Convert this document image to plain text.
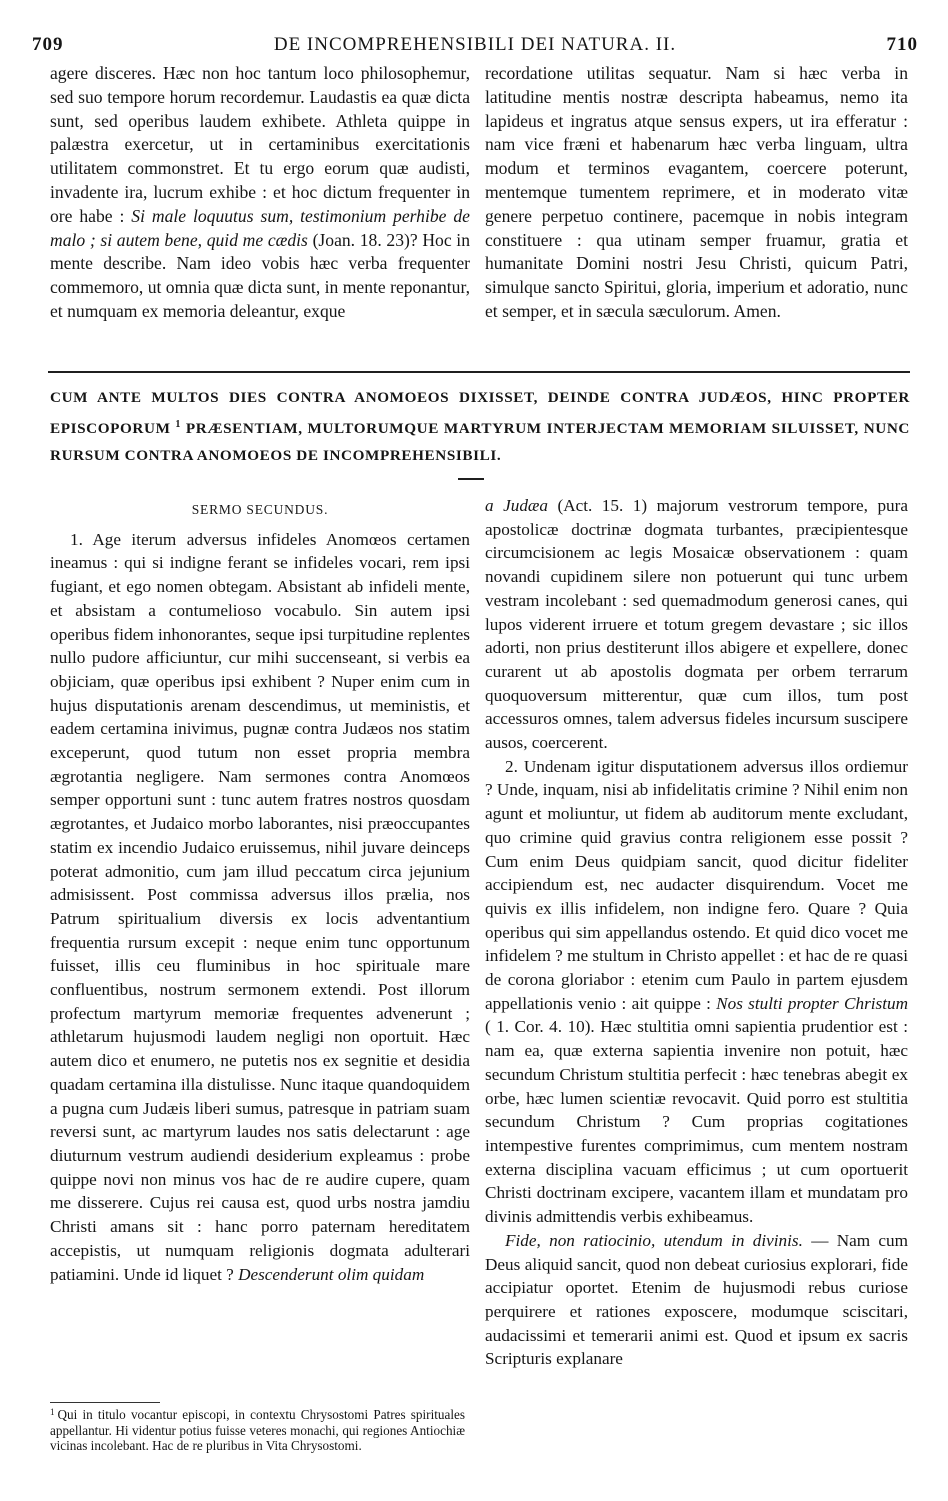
709	DE INCOMPREHENSIBILI DEI NATURA. II.	710

agere disceres. Hæc non hoc tantum loco philosophemur, sed suo tempore horum recordemur. Laudastis ea quæ dicta sunt, sed operibus laudem exhibete. Athleta quippe in palæstra exercetur, ut in certaminibus exercitationis utilitatem commonstret. Et tu ergo eorum quæ audisti, invadente ira, lucrum exhibe : et hoc dictum frequenter in ore habe : Si male loquutus sum, testimonium perhibe de malo ; si autem bene, quid me cædis (Joan. 18. 23)? Hoc in mente describe. Nam ideo vobis hæc verba frequenter commemoro, ut omnia quæ dicta sunt, in mente reponantur, et numquam ex memoria deleantur, exque

recordatione utilitas sequatur. Nam si hæc verba in latitudine mentis nostræ descripta habeamus, nemo ita lapideus et ingratus atque sensus expers, ut ira efferatur : nam vice fræni et habenarum hæc verba linguam, ultra modum et terminos evagantem, coercere poterunt, mentemque tumentem reprimere, et in moderato vitæ genere perpetuo continere, pacemque in nobis integram constituere : qua utinam semper fruamur, gratia et humanitate Domini nostri Jesu Christi, quicum Patri, simulque sancto Spiritui, gloria, imperium et adoratio, nunc et semper, et in sæcula sæculorum. Amen.

CUM ANTE MULTOS DIES CONTRA ANOMOEOS DIXISSET, DEINDE CONTRA JUDÆOS, HINC PROPTER EPISCOPORUM $^1$ PRÆSENTIAM, MULTORUMQUE MARTYRUM INTERJECTAM MEMORIAM SILUISSET, NUNC RURSUM CONTRA ANOMOEOS DE INCOMPREHENSIBILI.

SERMO SECUNDUS.

1. Age iterum adversus infideles Anomœos certamen ineamus : qui si indigne ferant se infideles vocari, rem ipsi fugiant, et ego nomen obtegam. Absistant ab infideli mente, et absistam a contumelioso vocabulo. Sin autem ipsi operibus fidem inhonorantes, seque ipsi turpitudine replentes nullo pudore afficiuntur, cur mihi succenseant, si verbis ea objiciam, quæ operibus ipsi exhibent ? Nuper enim cum in hujus disputationis arenam descendimus, ut meministis, et eadem certamina inivimus, pugnæ contra Judæos nos statim exceperunt, quod tutum non esset propria membra ægrotantia negligere. Nam sermones contra Anomœos semper opportuni sunt : tunc autem fratres nostros quosdam ægrotantes, et Judaico morbo laborantes, nisi præoccupantes statim ex incendio Judaico eruissemus, nihil juvare deinceps poterat admonitio, cum jam illud peccatum circa jejunium admisissent. Post commissa adversus illos prælia, nos Patrum spiritualium diversis ex locis adventantium frequentia rursum excepit : neque enim tunc opportunum fuisset, illis ceu fluminibus in hoc spirituale mare confluentibus, nostrum sermonem extendi. Post illorum profectum martyrum memoriæ frequentes advenerunt ; athletarum hujusmodi laudem negligi non oportuit. Hæc autem dico et enumero, ne putetis nos ex segnitie et desidia quadam certamina illa distulisse. Nunc itaque quandoquidem a pugna cum Judæis liberi sumus, patresque in patriam suam reversi sunt, ac martyrum laudes nos satis delectarunt : age diuturnum vestrum audiendi desiderium expleamus : probe quippe novi non minus vos hac de re audire cupere, quam me disserere. Cujus rei causa est, quod urbs nostra jamdiu Christi amans sit : hanc porro paternam hereditatem accepistis, ut numquam religionis dogmata adulterari patiamini. Unde id liquet ? Descenderunt olim quidam

a Judæa (Act. 15. 1) majorum vestrorum tempore, pura apostolicæ doctrinæ dogmata turbantes, præcipientesque circumcisionem ac legis Mosaicæ observationem : quam novandi cupidinem silere non potuerunt qui tunc urbem vestram incolebant : sed quemadmodum generosi canes, qui lupos viderent irruere et totum gregem devastare ; sic illos adorti, non prius destiterunt illos abigere et expellere, donec curarent ut ab apostolis dogmata per orbem terrarum quoquoversum mitterentur, quæ cum illos, tum post accessuros omnes, talem adversus fideles incursum suscipere ausos, coercerent.

2. Undenam igitur disputationem adversus illos ordiemur ? Unde, inquam, nisi ab infidelitatis crimine ? Nihil enim non agunt et moliuntur, ut fidem ab auditorum mente excludant, quo crimine quid gravius contra religionem esse possit ? Cum enim Deus quidpiam sancit, quod dicitur fideliter accipiendum est, nec audacter disquirendum. Vocet me quivis ex illis infidelem, non indigne fero. Quare ? Quia operibus qui sim appellandus ostendo. Et quid dico vocet me infidelem ? me stultum in Christo appellet : et hac de re quasi de corona gloriabor : etenim cum Paulo in partem ejusdem appellationis venio : ait quippe : Nos stulti propter Christum ( 1. Cor. 4. 10). Hæc stultitia omni sapientia prudentior est : nam ea, quæ externa sapientia invenire non potuit, hæc secundum Christum stultitia perfecit : hæc tenebras abegit ex orbe, hæc lumen scientiæ revocavit. Quid porro est stultitia secundum Christum ? Cum proprias cogitationes intempestive furentes comprimimus, cum mentem nostram externa disciplina vacuam efficimus ; ut cum oportuerit Christi doctrinam excipere, vacantem illam et mundatam pro divinis admittendis verbis exhibeamus.

Fide, non ratiocinio, utendum in divinis. — Nam cum Deus aliquid sancit, quod non debeat curiosius explorari, fide accipiatur oportet. Etenim de hujusmodi rebus curiose perquirere et rationes exposcere, modumque sciscitari, audacissimi et temerarii animi est. Quod et ipsum ex sacris Scripturis explanare

$^1$ Qui in titulo vocantur episcopi, in contextu Chrysostomi Patres spirituales appellantur. Hi videntur potius fuisse veteres monachi, qui regiones Antiochiæ vicinas incolebant. Hac de re pluribus in Vita Chrysostomi.
